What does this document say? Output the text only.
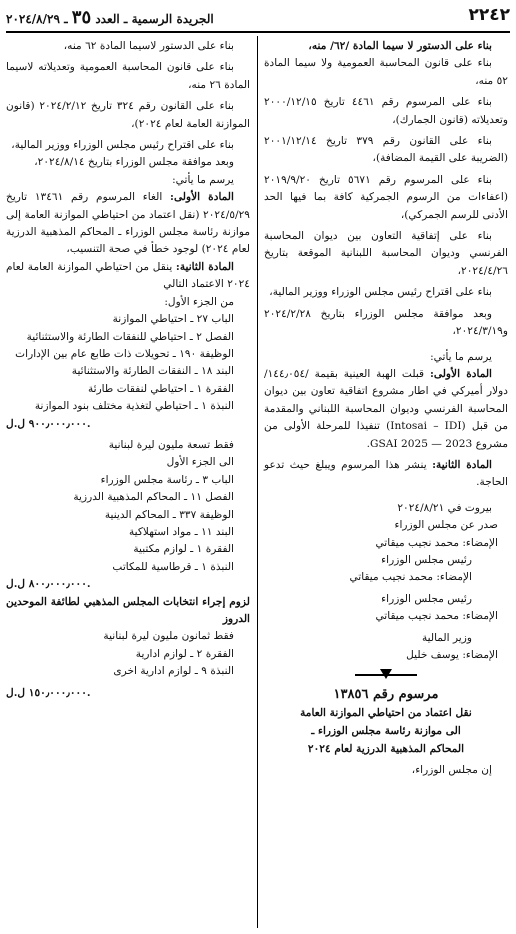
٢٢٤٢
الجريدة الرسمية ـ العدد ٣٥ ـ ٢٠٢٤/٨/٢٩

بناء على الدستور لا سيما المادة /٦٢/ منه،

بناء على قانون المحاسبة العمومية ولا سيما المادة ٥٢ منه،

بناء على المرسوم رقم ٤٤٦١ تاريخ ٢٠٠٠/١٢/١٥ وتعديلاته (قانون الجمارك)،

بناء على القانون رقم ٣٧٩ تاريخ ٢٠٠١/١٢/١٤ (الضريبة على القيمة المضافة)،

بناء على المرسوم رقم ٥٦٧١ تاريخ ٢٠١٩/٩/٢٠ (اعفاءات من الرسوم الجمركية كافة بما فيها الحد الأدنى للرسم الجمركي)،

بناء على إتفاقية التعاون بين ديوان المحاسبة الفرنسي وديوان المحاسبة اللبنانية الموقعة بتاريخ ٢٠٢٤/٤/٢٦،

بناء على اقتراح رئيس مجلس الوزراء ووزير المالية،

وبعد موافقة مجلس الوزراء بتاريخ ٢٠٢٤/٢/٢٨ و٢٠٢٤/٣/١٩،

يرسم ما يأتي:

المادة الأولى: قبلت الهبة العينية بقيمة /١٤٤٫٠٥٤/ دولار أميركي في اطار مشروع اتفاقية تعاون بين ديوان المحاسبة الفرنسي وديوان المحاسبة اللبناني والمقدمة من قبل (Intosai – IDI) تنفيذا للمرحلة الأولى من مشروع GSAI 2025 — 2023.

المادة الثانية: ينشر هذا المرسوم ويبلغ حيث تدعو الحاجة.

بيروت في ٢٠٢٤/٨/٢١

صدر عن مجلس الوزراء

الإمضاء: محمد نجيب ميقاتي

رئيس مجلس الوزراء

الإمضاء: محمد نجيب ميقاتي

رئيس مجلس الوزراء

الإمضاء: محمد نجيب ميقاتي

وزير المالية

الإمضاء: يوسف خليل

مرسوم رقم ١٣٨٥٦
نقل اعتماد من احتياطي الموازنة العامة
الى موازنة رئاسة مجلس الوزراء ـ
المحاكم المذهبية الدرزية لعام ٢٠٢٤

إن مجلس الوزراء،

بناء على الدستور لاسيما المادة ٦٢ منه،

بناء على قانون المحاسبة العمومية وتعديلاته لاسيما المادة ٢٦ منه،

بناء على القانون رقم ٣٢٤ تاريخ ٢٠٢٤/٢/١٢ (قانون الموازنة العامة لعام ٢٠٢٤)،

بناء على اقتراح رئيس مجلس الوزراء ووزير المالية،

وبعد موافقة مجلس الوزراء بتاريخ ٢٠٢٤/٨/١٤،

يرسم ما يأتي:

المادة الأولى: الغاء المرسوم رقم ١٣٤٦١ تاريخ ٢٠٢٤/٥/٢٩ (نقل اعتماد من احتياطي الموازنة العامة إلى موازنة رئاسة مجلس الوزراء ـ المحاكم المذهبية الدرزية لعام ٢٠٢٤) لوجود خطأ في صحة التنسيب،

المادة الثانية: ينقل من احتياطي الموازنة العامة لعام ٢٠٢٤ الاعتماد التالي

من الجزء الأول:

الباب ٢٧ ـ احتياطي الموازنة

الفصل ٢ ـ احتياطي للنفقات الطارئة والاستثنائية

الوظيفة ١٩٠ ـ تحويلات ذات طابع عام بين الإدارات

البند ١٨ ـ النفقات الطارئة والاستثنائية

الفقرة ١ ـ احتياطي لنفقات طارئة

النبذة ١ ـ احتياطي لتغذية مختلف بنود الموازنة

٩٠٠٫٠٠٠٫٠٠٠ ل.ل.

فقط تسعة مليون ليرة لبنانية

الى الجزء الأول

الباب ٣ ـ رئاسة مجلس الوزراء

الفصل ١١ ـ المحاكم المذهبية الدرزية

الوظيفة ٣٣٧ ـ المحاكم الدينية

البند ١١ ـ مواد استهلاكية

الفقرة ١ ـ لوازم مكتبية

النبذة ١ ـ قرطاسية للمكاتب

٨٠٠٫٠٠٠٫٠٠٠ ل.ل.

لزوم إجراء انتخابات المجلس المذهبي لطائفة الموحدين الدروز

فقط ثمانون مليون ليرة لبنانية

الفقرة ٢ ـ لوازم ادارية

النبذة ٩ ـ لوازم ادارية اخرى

١٥٠٫٠٠٠٫٠٠٠ ل.ل.
